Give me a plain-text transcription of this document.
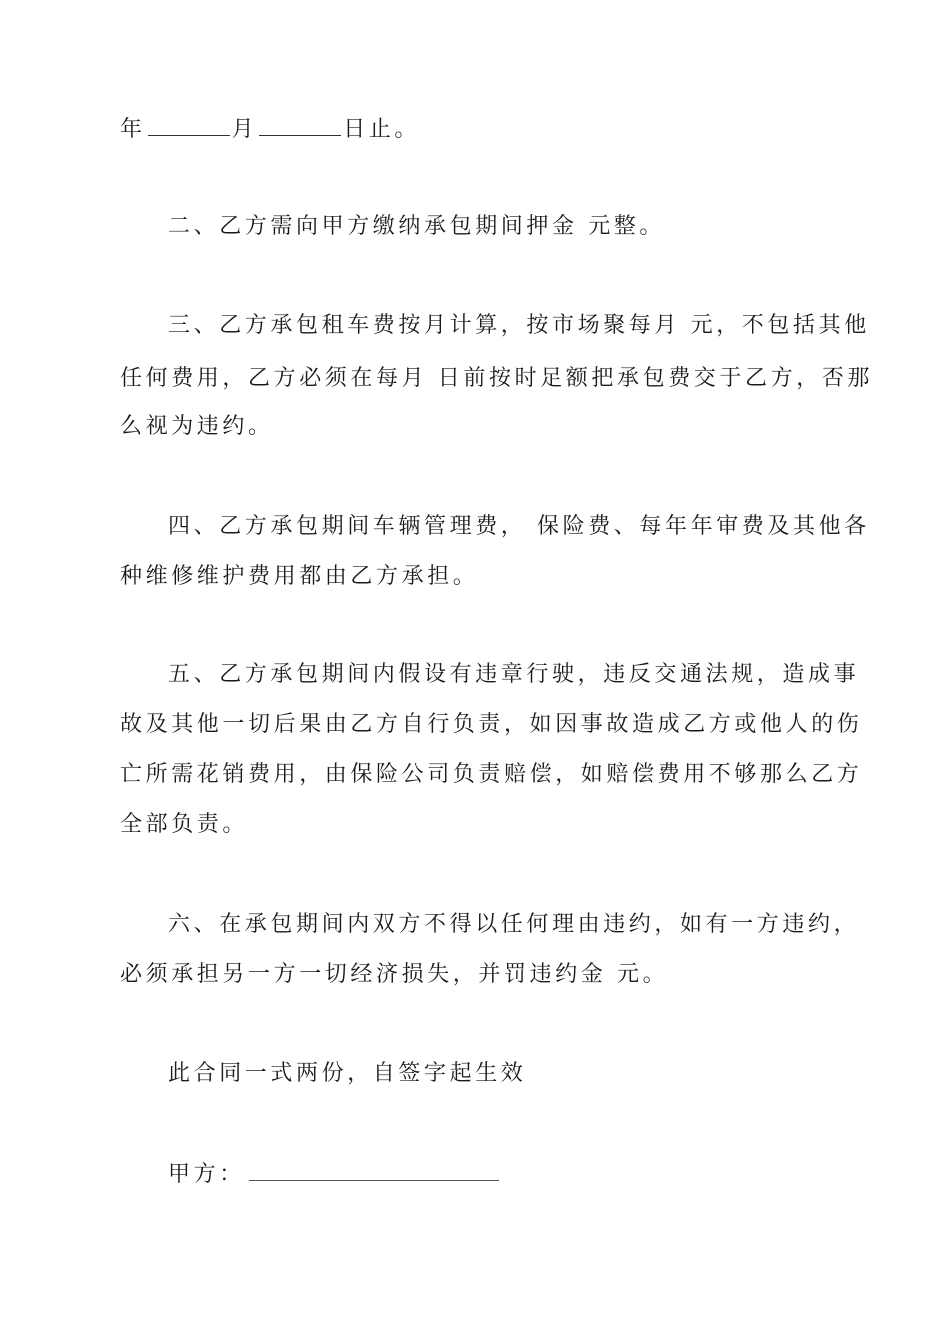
年	月	日止。
二、乙方需向甲方缴纳承包期间押金 元整。
三、乙方承包租车费按月计算，按市场聚每月 元，不包括其他
任何费用，乙方必须在每月 日前按时足额把承包费交于乙方，否那
么视为违约。
四、乙方承包期间车辆管理费， 保险费、每年年审费及其他各
种维修维护费用都由乙方承担。
五、乙方承包期间内假设有违章行驶，违反交通法规，造成事
故及其他一切后果由乙方自行负责，如因事故造成乙方或他人的伤
亡所需花销费用，由保险公司负责赔偿，如赔偿费用不够那么乙方
全部负责。
六、在承包期间内双方不得以任何理由违约，如有一方违约，
必须承担另一方一切经济损失，并罚违约金 元。
此合同一式两份，自签字起生效
甲方：
